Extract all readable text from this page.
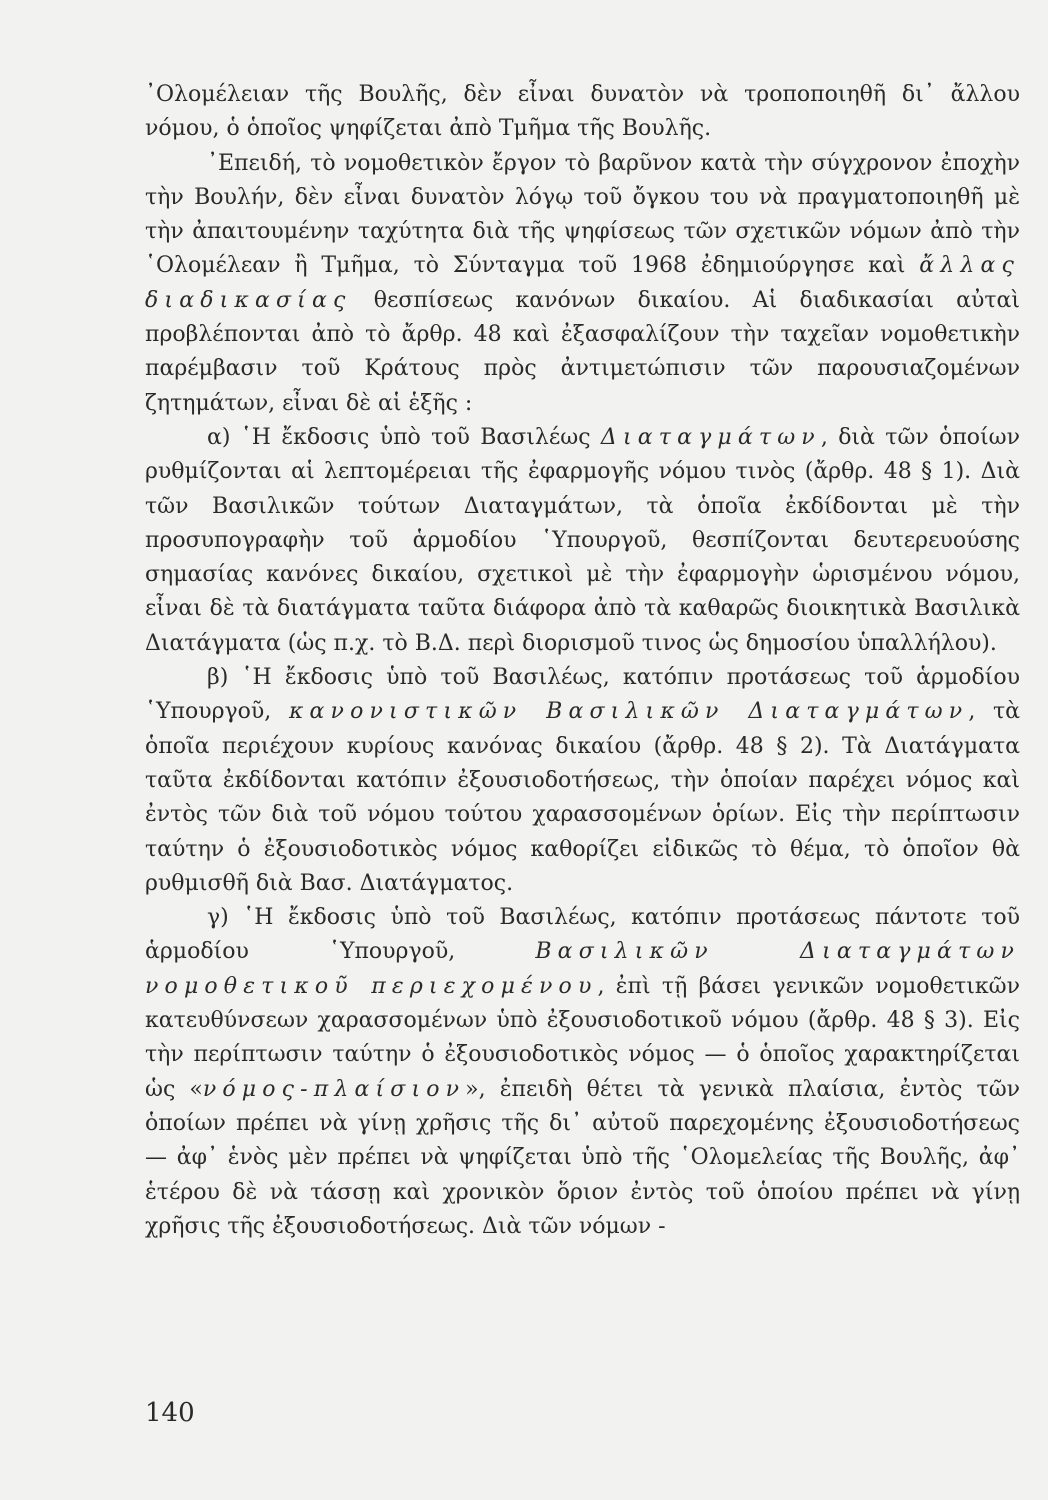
᾿Ολομέλειαν τῆς Βουλῆς, δὲν εἶναι δυνατὸν νὰ τροποποιηθῆ δι᾿ ἄλλου νόμου, ὁ ὁποῖος ψηφίζεται ἀπὸ Τμῆμα τῆς Βουλῆς.

᾿Επειδή, τὸ νομοθετικὸν ἔργον τὸ βαρῦνον κατὰ τὴν σύγχρονον ἐποχὴν τὴν Βουλήν, δὲν εἶναι δυνατὸν λόγῳ τοῦ ὄγκου του νὰ πραγματοποιηθῆ μὲ τὴν ἀπαιτουμένην ταχύτητα διὰ τῆς ψηφίσεως τῶν σχετικῶν νόμων ἀπὸ τὴν ῾Ολομέλεαν ἢ Τμῆμα, τὸ Σύνταγμα τοῦ 1968 ἐδημιούργησε καὶ ἄλλας διαδικασίας θεσπίσεως κανόνων δικαίου. Αἱ διαδικασίαι αὐταὶ προβλέπονται ἀπὸ τὸ ἄρθρ. 48 καὶ ἐξασφαλίζουν τὴν ταχεῖαν νομοθετικὴν παρέμβασιν τοῦ Κράτους πρὸς ἀντιμετώπισιν τῶν παρουσιαζομένων ζητημάτων, εἶναι δὲ αἱ ἑξῆς :

α) ῾Η ἔκδοσις ὑπὸ τοῦ Βασιλέως Διαταγμάτων, διὰ τῶν ὁποίων ρυθμίζονται αἱ λεπτομέρειαι τῆς ἐφαρμογῆς νόμου τινὸς (ἄρθρ. 48 § 1). Διὰ τῶν Βασιλικῶν τούτων Διαταγμάτων, τὰ ὁποῖα ἐκδίδονται μὲ τὴν προσυπογραφὴν τοῦ ἁρμοδίου ῾Υπουργοῦ, θεσπίζονται δευτερευούσης σημασίας κανόνες δικαίου, σχετικοὶ μὲ τὴν ἐφαρμογὴν ὡρισμένου νόμου, εἶναι δὲ τὰ διατάγματα ταῦτα διάφορα ἀπὸ τὰ καθαρῶς διοικητικὰ Βασιλικὰ Διατάγματα (ὡς π.χ. τὸ Β.Δ. περὶ διορισμοῦ τινος ὡς δημοσίου ὑπαλλήλου).

β) ῾Η ἔκδοσις ὑπὸ τοῦ Βασιλέως, κατόπιν προτάσεως τοῦ ἁρμοδίου ῾Υπουργοῦ, κανονιστικῶν Βασιλικῶν Διαταγμάτων, τὰ ὁποῖα περιέχουν κυρίους κανόνας δικαίου (ἄρθρ. 48 § 2). Τὰ Διατάγματα ταῦτα ἐκδίδονται κατόπιν ἐξουσιοδοτήσεως, τὴν ὁποίαν παρέχει νόμος καὶ ἐντὸς τῶν διὰ τοῦ νόμου τούτου χαρασσομένων ὁρίων. Εἰς τὴν περίπτωσιν ταύτην ὁ ἐξουσιοδοτικὸς νόμος καθορίζει εἰδικῶς τὸ θέμα, τὸ ὁποῖον θὰ ρυθμισθῆ διὰ Βασ. Διατάγματος.

γ) ῾Η ἔκδοσις ὑπὸ τοῦ Βασιλέως, κατόπιν προτάσεως πάντοτε τοῦ ἁρμοδίου ῾Υπουργοῦ, Βασιλικῶν Διαταγμάτων νομοθετικοῦ περιεχομένου, ἐπὶ τῇ βάσει γενικῶν νομοθετικῶν κατευθύνσεων χαρασσομένων ὑπὸ ἐξουσιοδοτικοῦ νόμου (ἄρθρ. 48 § 3). Εἰς τὴν περίπτωσιν ταύτην ὁ ἐξουσιοδοτικὸς νόμος — ὁ ὁποῖος χαρακτηρίζεται ὡς «νόμος-πλαίσιον», ἐπειδὴ θέτει τὰ γενικὰ πλαίσια, ἐντὸς τῶν ὁποίων πρέπει νὰ γίνῃ χρῆσις τῆς δι᾿ αὐτοῦ παρεχομένης ἐξουσιοδοτήσεως — ἀφ᾿ ἑνὸς μὲν πρέπει νὰ ψηφίζεται ὑπὸ τῆς ῾Ολομελείας τῆς Βουλῆς, ἀφ᾿ ἑτέρου δὲ νὰ τάσσῃ καὶ χρονικὸν ὅριον ἐντὸς τοῦ ὁποίου πρέπει νὰ γίνῃ χρῆσις τῆς ἐξουσιοδοτήσεως. Διὰ τῶν νόμων -

140
